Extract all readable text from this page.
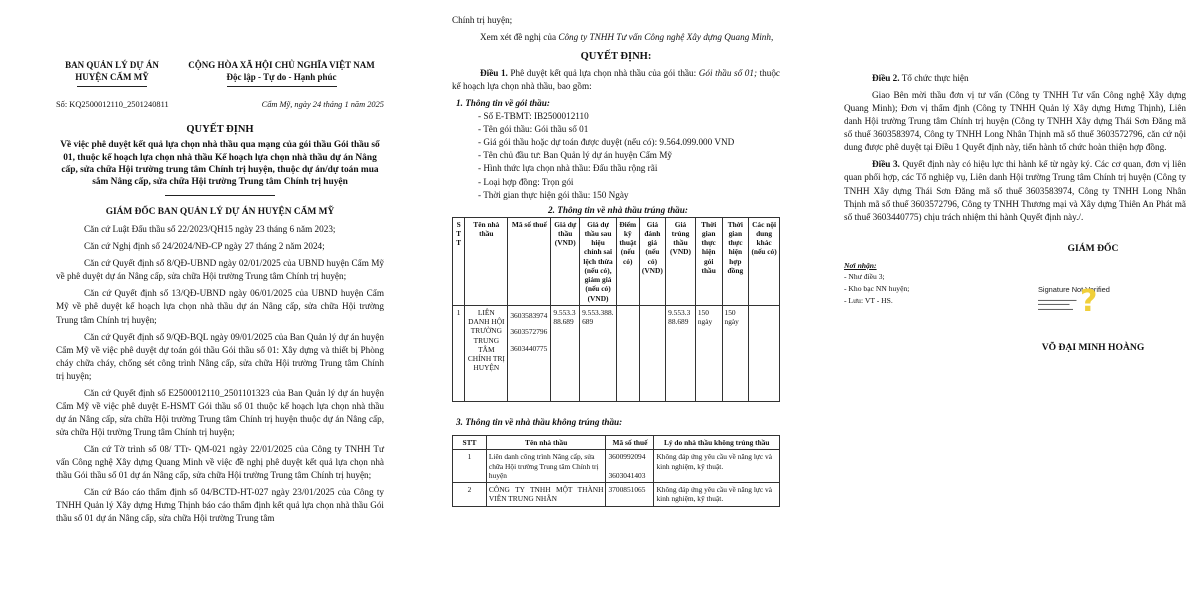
BAN QUẢN LÝ DỰ ÁN
HUYỆN CẨM MỸ
CỘNG HÒA XÃ HỘI CHỦ NGHĨA VIỆT NAM
Độc lập - Tự do - Hạnh phúc
Số: KQ2500012110_2501240811	Cẩm Mỹ, ngày 24 tháng 1 năm 2025
QUYẾT ĐỊNH
Về việc phê duyệt kết quả lựa chọn nhà thầu qua mạng của gói thầu Gói thầu số 01, thuộc kế hoạch lựa chọn nhà thầu Kế hoạch lựa chọn nhà thầu dự án Nâng cấp, sửa chữa Hội trường trung tâm Chính trị huyện, thuộc dự án/dự toán mua sắm Nâng cấp, sửa chữa Hội trường Trung tâm Chính trị huyện
GIÁM ĐỐC BAN QUẢN LÝ DỰ ÁN HUYỆN CẨM MỸ

Căn cứ Luật Đấu thầu số 22/2023/QH15 ngày 23 tháng 6 năm 2023;

Căn cứ Nghị định số 24/2024/NĐ-CP ngày 27 tháng 2 năm 2024;

Căn cứ Quyết định số 8/QĐ-UBND ngày 02/01/2025 của UBND huyện Cẩm Mỹ về phê duyệt dự án Nâng cấp, sửa chữa Hội trường Trung tâm Chính trị huyện;

Căn cứ Quyết định số 13/QĐ-UBND ngày 06/01/2025 của UBND huyện Cẩm Mỹ về phê duyệt kế hoạch lựa chọn nhà thầu dự án Nâng cấp, sửa chữa Hội trường Trung tâm Chính trị huyện;

Căn cứ Quyết định số 9/QĐ-BQL ngày 09/01/2025 của Ban Quản lý dự án huyện Cẩm Mỹ về việc phê duyệt dự toán gói thầu Gói thầu số 01: Xây dựng và thiết bị Phòng cháy chữa cháy, chống sét công trình Nâng cấp, sửa chữa Hội trường Trung tâm Chính trị huyện;

Căn cứ Quyết định số E2500012110_2501101323 của Ban Quản lý dự án huyện Cẩm Mỹ về việc phê duyệt E-HSMT Gói thầu số 01 thuộc kế hoạch lựa chọn nhà thầu dự án Nâng cấp, sửa chữa Hội trường Trung tâm Chính trị huyện thuộc dự án Nâng cấp, sửa chữa Hội trường Trung tâm Chính trị huyện;

Căn cứ Tờ trình số 08/ TTr- QM-021 ngày 22/01/2025 của Công ty TNHH Tư vấn Công nghệ Xây dựng Quang Minh về việc đề nghị phê duyệt kết quả lựa chọn nhà thầu Gói thầu số 01 dự án Nâng cấp, sửa chữa Hội trường Trung tâm Chính trị huyện;

Căn cứ Báo cáo thẩm định số 04/BCTD-HT-027 ngày 23/01/2025 của Công ty TNHH Quản lý Xây dựng Hưng Thịnh báo cáo thẩm định kết quả lựa chọn nhà thầu Gói thầu số 01 dự án Nâng cấp, sửa chữa Hội trường Trung tâm

Chính trị huyện;

Xem xét đề nghị của Công ty TNHH Tư vấn Công nghệ Xây dựng Quang Minh,

QUYẾT ĐỊNH:

Điều 1. Phê duyệt kết quả lựa chọn nhà thầu của gói thầu: Gói thầu số 01; thuộc kế hoạch lựa chọn nhà thầu, bao gồm:

1. Thông tin về gói thầu:
- Số E-TBMT: IB2500012110
- Tên gói thầu: Gói thầu số 01
- Giá gói thầu hoặc dự toán được duyệt (nếu có): 9.564.099.000 VND
- Tên chủ đầu tư: Ban Quản lý dự án huyện Cẩm Mỹ
- Hình thức lựa chọn nhà thầu: Đấu thầu rộng rãi
- Loại hợp đồng: Trọn gói
- Thời gian thực hiện gói thầu: 150 Ngày
2. Thông tin về nhà thầu trúng thầu:
S T T	Tên nhà thầu	Mã số thuế	Giá dự thầu (VND)	Giá dự thầu sau hiệu chỉnh sai lệch thừa (nếu có), giảm giá (nếu có) (VND)	Điểm kỹ thuật (nếu có)	Giá đánh giá (nếu có) (VND)	Giá trúng thầu (VND)	Thời gian thực hiện gói thầu	Thời gian thực hiện hợp đồng	Các nội dung khác (nếu có)
1	LIÊN DANH HỘI TRƯỜNG TRUNG TÂM CHÍNH TRỊ HUYỆN	3603583974
3603572796
3603440775	9.553.388.689	9.553.388.689			9.553.388.689	150 ngày	150 ngày	
3. Thông tin về nhà thầu không trúng thầu:
STT	Tên nhà thầu	Mã số thuế	Lý do nhà thầu không trúng thầu
1	Liên danh công trình Nâng cấp, sửa chữa Hội trường Trung tâm Chính trị huyện	3600992094

3603041403	Không đáp ứng yêu cầu về năng lực và kinh nghiệm, kỹ thuật.
2	CÔNG TY TNHH MỘT THÀNH VIÊN TRUNG NHÂN	3700851065	Không đáp ứng yêu cầu về năng lực và kinh nghiệm, kỹ thuật.

Điều 2. Tổ chức thực hiện

Giao Bên mời thầu đơn vị tư vấn (Công ty TNHH Tư vấn Công nghệ Xây dựng Quang Minh); Đơn vị thẩm định (Công ty TNHH Quản lý Xây dựng Hưng Thịnh), Liên danh Hội trường Trung tâm Chính trị huyện (Công ty TNHH Xây dựng Thái Sơn Đăng mã số thuế 3603583974, Công ty TNHH Long Nhân Thịnh mã số thuế 3603572796, căn cứ nội dung được phê duyệt tại Điều 1 Quyết định này, tiến hành tổ chức hoàn thiện hợp đồng.

Điều 3. Quyết định này có hiệu lực thi hành kể từ ngày ký. Các cơ quan, đơn vị liên quan phối hợp, các Tổ nghiệp vụ, Liên danh Hội trường Trung tâm Chính trị huyện (Công ty TNHH Xây dựng Thái Sơn Đăng mã số thuế 3603583974, Công ty TNHH Long Nhân Thịnh mã số thuế 3603572796, Công ty TNHH Thương mại và Xây dựng Thiên An Phát mã số thuế 3603440775) chịu trách nhiệm thi hành Quyết định này./.

Nơi nhận:
- Như điều 3;
- Kho bạc NN huyện;
- Lưu: VT - HS.
GIÁM ĐỐC
Signature Not Verified
▬▬▬▬▬▬▬▬▬▬▬
▬▬▬▬▬▬▬▬▬
▬▬▬▬▬▬▬▬▬▬ ?
VÕ ĐẠI MINH HOÀNG
